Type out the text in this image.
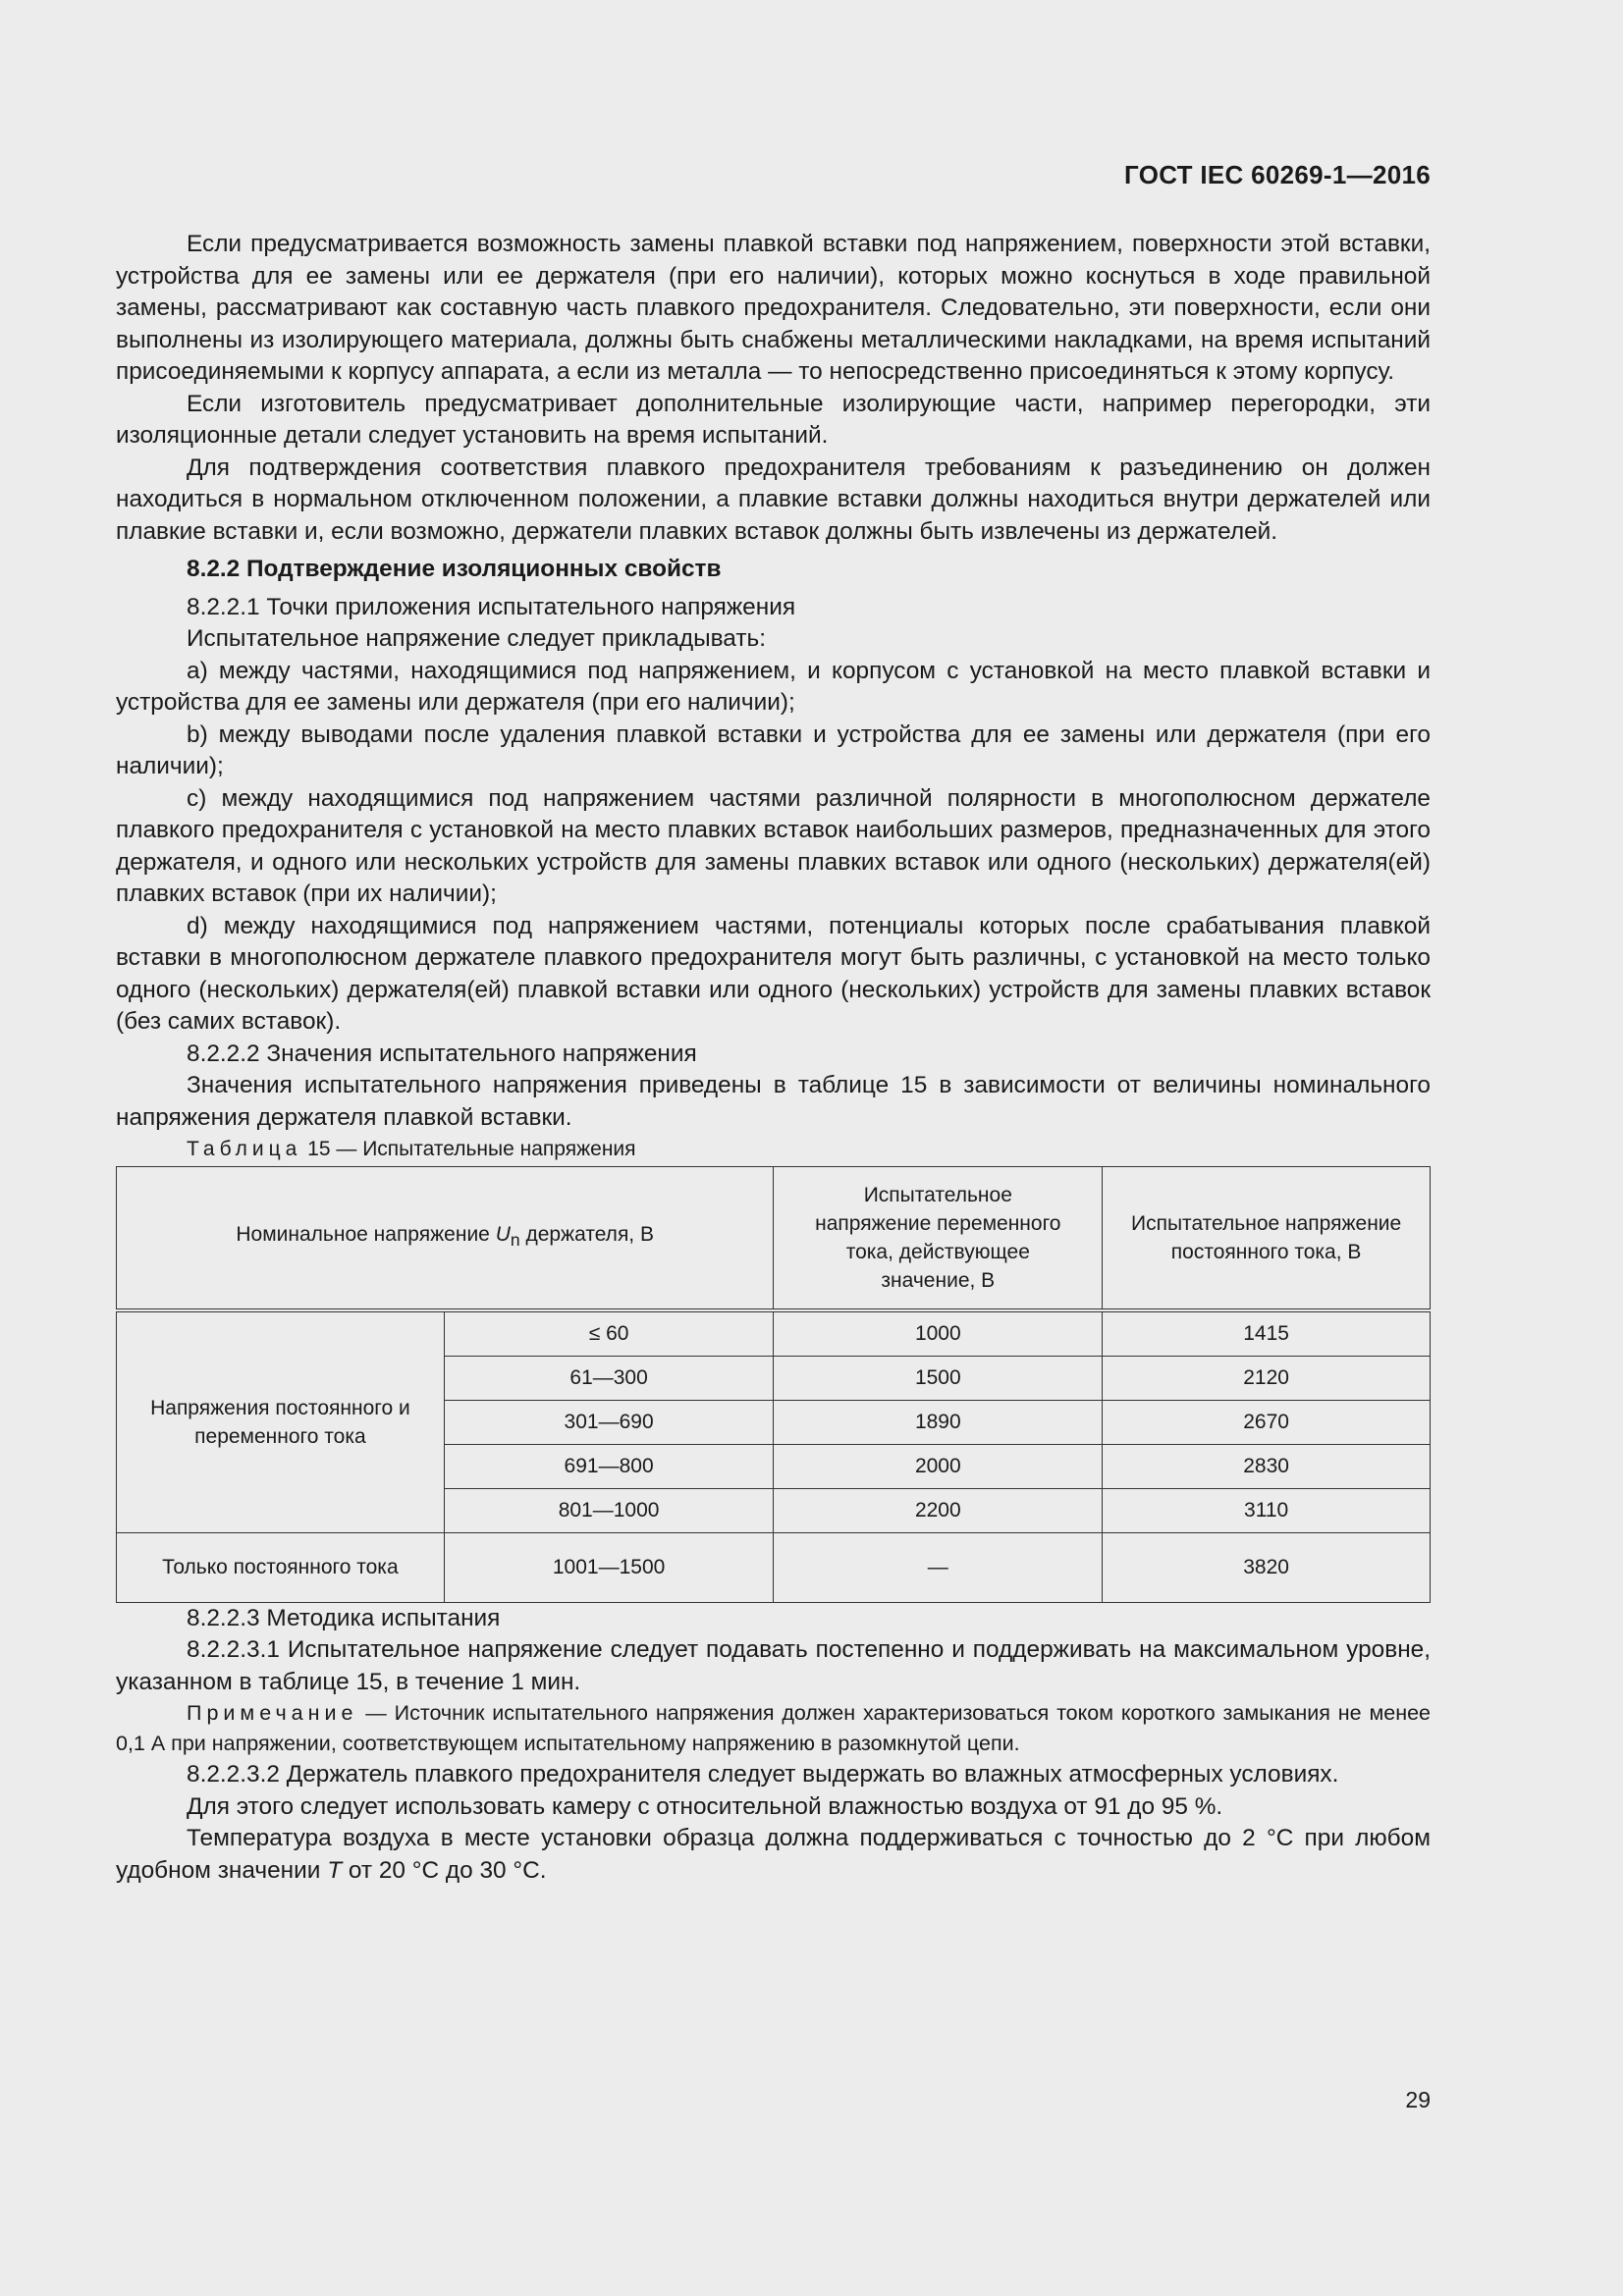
ГОСТ IEC 60269-1—2016

Если предусматривается возможность замены плавкой вставки под напряжением, поверхности этой вставки, устройства для ее замены или ее держателя (при его наличии), которых можно коснуться в ходе правильной замены, рассматривают как составную часть плавкого предохранителя. Следовательно, эти поверхности, если они выполнены из изолирующего материала, должны быть снабжены металлическими накладками, на время испытаний присоединяемыми к корпусу аппарата, а если из металла — то непосредственно присоединяться к этому корпусу.

Если изготовитель предусматривает дополнительные изолирующие части, например перегородки, эти изоляционные детали следует установить на время испытаний.

Для подтверждения соответствия плавкого предохранителя требованиям к разъединению он должен находиться в нормальном отключенном положении, а плавкие вставки должны находиться внутри держателей или плавкие вставки и, если возможно, держатели плавких вставок должны быть извлечены из держателей.

8.2.2 Подтверждение изоляционных свойств

8.2.2.1 Точки приложения испытательного напряжения

Испытательное напряжение следует прикладывать:

a) между частями, находящимися под напряжением, и корпусом с установкой на место плавкой вставки и устройства для ее замены или держателя (при его наличии);

b) между выводами после удаления плавкой вставки и устройства для ее замены или держателя (при его наличии);

c) между находящимися под напряжением частями различной полярности в многополюсном держателе плавкого предохранителя с установкой на место плавких вставок наибольших размеров, предназначенных для этого держателя, и одного или нескольких устройств для замены плавких вставок или одного (нескольких) держателя(ей) плавких вставок (при их наличии);

d) между находящимися под напряжением частями, потенциалы которых после срабатывания плавкой вставки в многополюсном держателе плавкого предохранителя могут быть различны, с установкой на место только одного (нескольких) держателя(ей) плавкой вставки или одного (нескольких) устройств для замены плавких вставок (без самих вставок).

8.2.2.2 Значения испытательного напряжения

Значения испытательного напряжения приведены в таблице 15 в зависимости от величины номинального напряжения держателя плавкой вставки.

Таблица 15 — Испытательные напряжения

Номинальное напряжение $U_n$ держателя, В		Испытательное напряжение переменного тока, действующее значение, В	Испытательное напряжение постоянного тока, В
Напряжения постоянного и переменного тока	≤ 60	1000	1415
	61—300	1500	2120
	301—690	1890	2670
	691—800	2000	2830
	801—1000	2200	3110
Только постоянного тока	1001—1500	—	3820

8.2.2.3 Методика испытания

8.2.2.3.1 Испытательное напряжение следует подавать постепенно и поддерживать на максимальном уровне, указанном в таблице 15, в течение 1 мин.

Примечание — Источник испытательного напряжения должен характеризоваться током короткого замыкания не менее 0,1 А при напряжении, соответствующем испытательному напряжению в разомкнутой цепи.

8.2.2.3.2 Держатель плавкого предохранителя следует выдержать во влажных атмосферных условиях.

Для этого следует использовать камеру с относительной влажностью воздуха от 91 до 95 %.

Температура воздуха в месте установки образца должна поддерживаться с точностью до 2 °С при любом удобном значении T от 20 °С до 30 °С.

29
